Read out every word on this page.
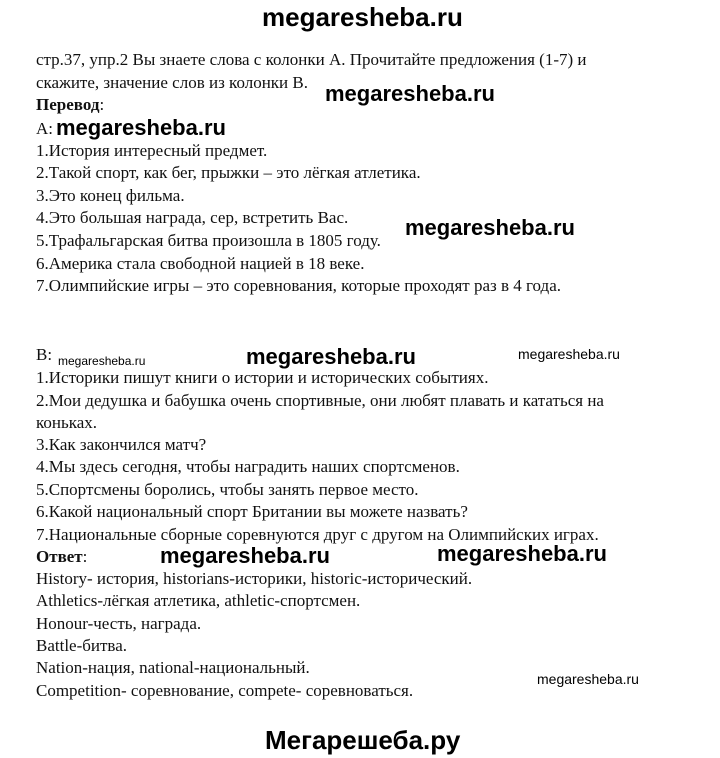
megaresheba.ru
стр.37, упр.2 Вы знаете слова с колонки А. Прочитайте предложения (1-7) и
скажите, значение слов из колонки В. megaresheba.ru
Перевод:
А: megaresheba.ru
1.История интересный предмет.
2.Такой спорт, как бег, прыжки – это лёгкая атлетика.
3.Это конец фильма.
4.Это большая награда, сер, встретить Вас.	megaresheba.ru
5.Трафальгарская битва произошла в 1805 году.
6.Америка стала свободной нацией в 18 веке.
7.Олимпийские игры – это соревнования, которые проходят раз в 4 года.
В: megaresheba.ru	megaresheba.ru	megaresheba.ru
1.Историки пишут книги о истории и исторических событиях.
2.Мои дедушка и бабушка очень спортивные, они любят плавать и кататься на
коньках.
3.Как закончился матч?
4.Мы здесь сегодня, чтобы наградить наших спортсменов.
5.Спортсмены боролись, чтобы занять первое место.
6.Какой национальный спорт Британии вы можете назвать?
7.Национальные сборные соревнуются друг с другом на Олимпийских играх.
Ответ:	megaresheba.ru	megaresheba.ru
History- история, historians-историки, historic-исторический.
Athletics-лёгкая атлетика, athletic-спортсмен.
Honour-честь, награда.
Battle-битва.
Nation-нация, national-национальный.
megaresheba.ru
Competition- соревнование, compete- соревноваться.
Мегарешеба.ру
